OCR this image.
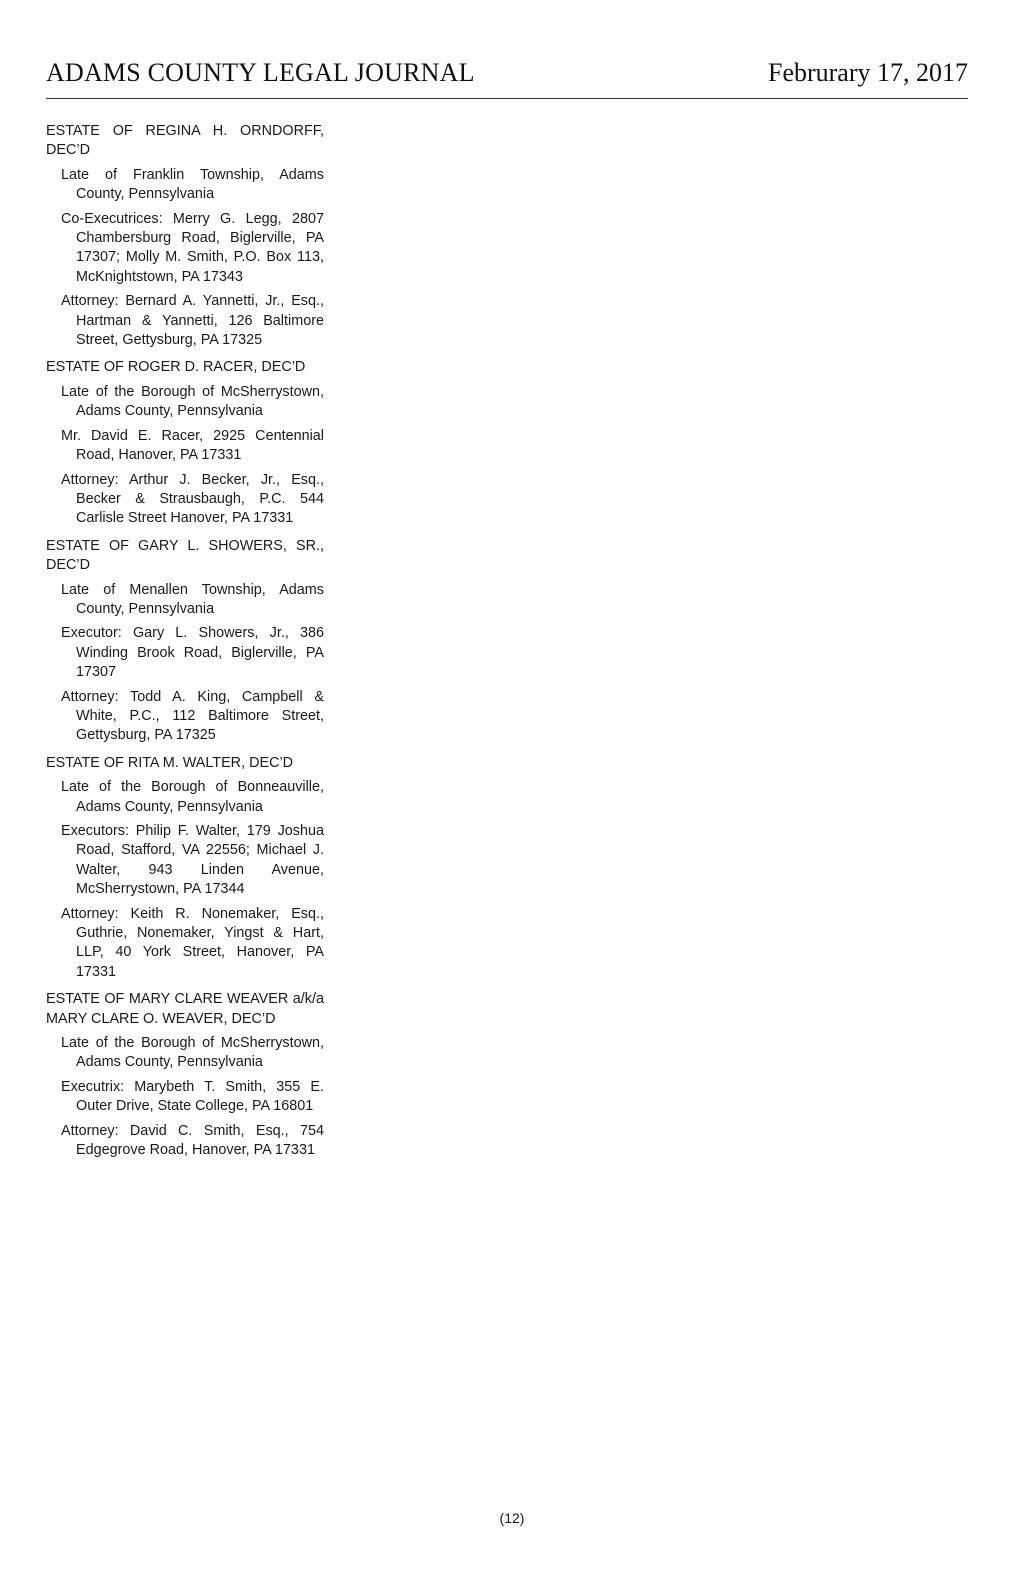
ADAMS COUNTY LEGAL JOURNAL	Februrary 17, 2017

ESTATE OF REGINA H. ORNDORFF, DEC’D

Late of Franklin Township, Adams County, Pennsylvania

Co-Executrices: Merry G. Legg, 2807 Chambersburg Road, Biglerville, PA 17307; Molly M. Smith, P.O. Box 113, McKnightstown, PA 17343

Attorney: Bernard A. Yannetti, Jr., Esq., Hartman & Yannetti, 126 Baltimore Street, Gettysburg, PA 17325

ESTATE OF ROGER D. RACER, DEC’D

Late of the Borough of McSherrystown, Adams County, Pennsylvania

Mr. David E. Racer, 2925 Centennial Road, Hanover, PA 17331

Attorney: Arthur J. Becker, Jr., Esq., Becker & Strausbaugh, P.C. 544 Carlisle Street Hanover, PA 17331

ESTATE OF GARY L. SHOWERS, SR., DEC’D

Late of Menallen Township, Adams County, Pennsylvania

Executor: Gary L. Showers, Jr., 386 Winding Brook Road, Biglerville, PA 17307

Attorney: Todd A. King, Campbell & White, P.C., 112 Baltimore Street, Gettysburg, PA 17325

ESTATE OF RITA M. WALTER, DEC’D

Late of the Borough of Bonneauville, Adams County, Pennsylvania

Executors: Philip F. Walter, 179 Joshua Road, Stafford, VA 22556; Michael J. Walter, 943 Linden Avenue, McSherrystown, PA 17344

Attorney: Keith R. Nonemaker, Esq., Guthrie, Nonemaker, Yingst & Hart, LLP, 40 York Street, Hanover, PA 17331

ESTATE OF MARY CLARE WEAVER a/k/a MARY CLARE O. WEAVER, DEC’D

Late of the Borough of McSherrystown, Adams County, Pennsylvania

Executrix: Marybeth T. Smith, 355 E. Outer Drive, State College, PA 16801

Attorney: David C. Smith, Esq., 754 Edgegrove Road, Hanover, PA 17331

(12)
